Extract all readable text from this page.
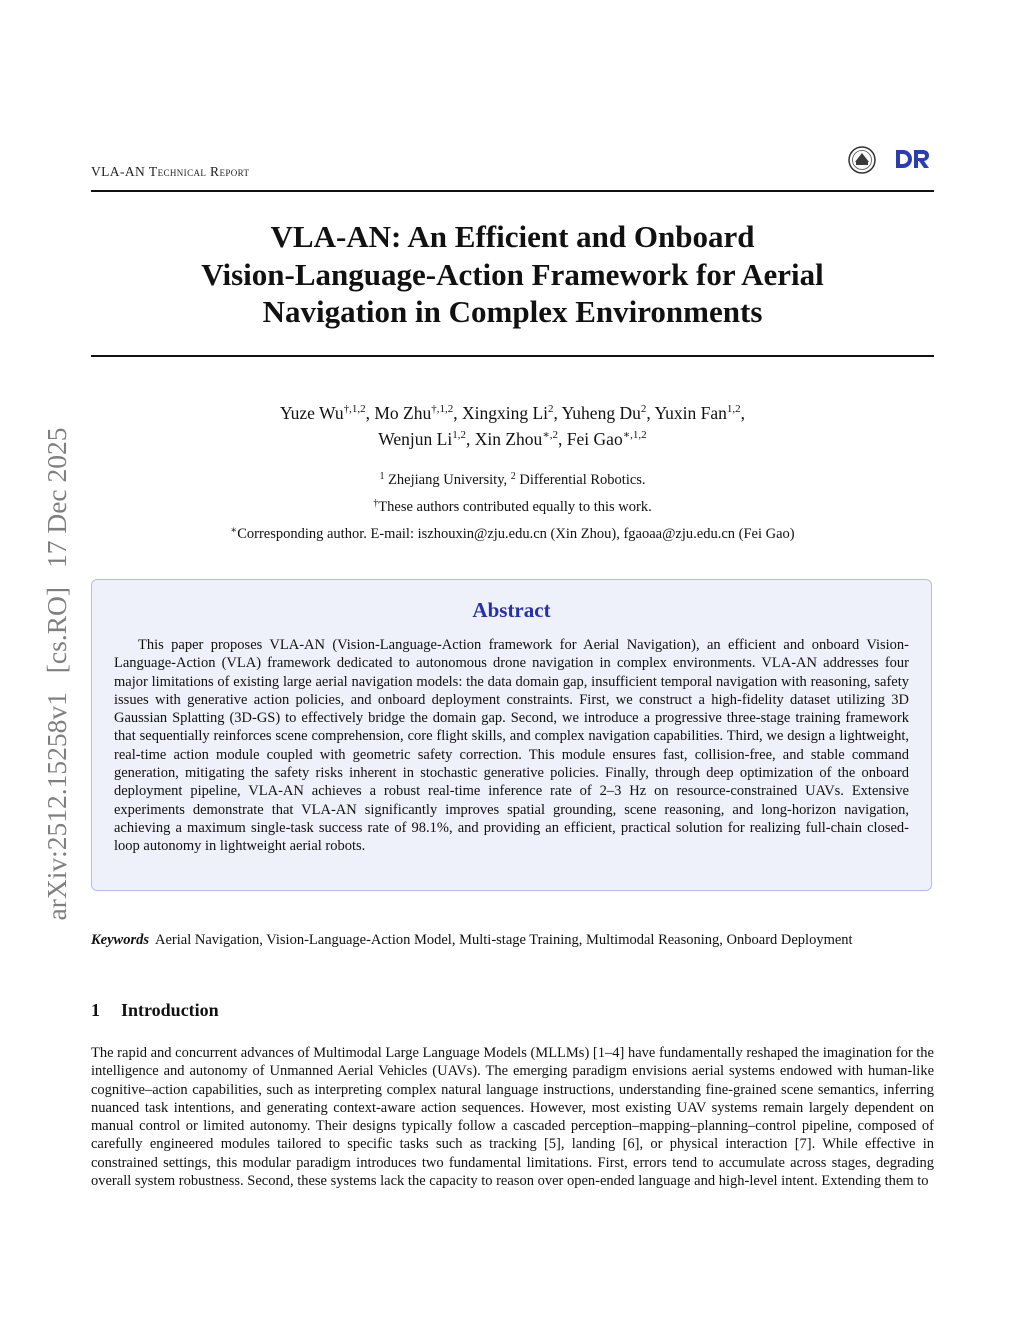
VLA-AN Technical Report
arXiv:2512.15258v1 [cs.RO] 17 Dec 2025
VLA-AN: An Efficient and Onboard
Vision-Language-Action Framework for Aerial
Navigation in Complex Environments
Yuze $Wu^{\dagger,1,2}$, Mo Zhu$^{\dagger,1,2}$, Xingxing Li$^2$, Yuheng Du$^2$, Yuxin Fan$^{1,2}$,
Wenjun Li$^{1,2}$, Xin Zhou$^{∗,2}$, Fei Gao$^{∗,1,2}$
$^1$ Zhejiang University, $^2$ Differential Robotics.
†These authors contributed equally to this work.
∗Corresponding author. E-mail: iszhouxin@zju.edu.cn (Xin Zhou), fgaoaa@zju.edu.cn (Fei Gao)
Abstract
This paper proposes VLA-AN (Vision-Language-Action framework for Aerial Navigation), an efficient and onboard Vision-Language-Action (VLA) framework dedicated to autonomous drone navigation in complex environments. VLA-AN addresses four major limitations of existing large aerial navigation models: the data domain gap, insufficient temporal navigation with reasoning, safety issues with generative action policies, and onboard deployment constraints. First, we construct a high-fidelity dataset utilizing 3D Gaussian Splatting (3D-GS) to effectively bridge the domain gap. Second, we introduce a progressive three-stage training framework that sequentially reinforces scene comprehension, core flight skills, and complex navigation capabilities. Third, we design a lightweight, real-time action module coupled with geometric safety correction. This module ensures fast, collision-free, and stable command generation, mitigating the safety risks inherent in stochastic generative policies. Finally, through deep optimization of the onboard deployment pipeline, VLA-AN achieves a robust real-time inference rate of 2–3 Hz on resource-constrained UAVs. Extensive experiments demonstrate that VLA-AN significantly improves spatial grounding, scene reasoning, and long-horizon navigation, achieving a maximum single-task success rate of 98.1%, and providing an efficient, practical solution for realizing full-chain closed-loop autonomy in lightweight aerial robots.
Keywords Aerial Navigation, Vision-Language-Action Model, Multi-stage Training, Multimodal Reasoning, Onboard Deployment
1 Introduction
The rapid and concurrent advances of Multimodal Large Language Models (MLLMs) [1–4] have fundamentally reshaped the imagination for the intelligence and autonomy of Unmanned Aerial Vehicles (UAVs). The emerging paradigm envisions aerial systems endowed with human-like cognitive–action capabilities, such as interpreting complex natural language instructions, understanding fine-grained scene semantics, inferring nuanced task intentions, and generating context-aware action sequences. However, most existing UAV systems remain largely dependent on manual control or limited autonomy. Their designs typically follow a cascaded perception–mapping–planning–control pipeline, composed of carefully engineered modules tailored to specific tasks such as tracking [5], landing [6], or physical interaction [7]. While effective in constrained settings, this modular paradigm introduces two fundamental limitations. First, errors tend to accumulate across stages, degrading overall system robustness. Second, these systems lack the capacity to reason over open-ended language and high-level intent. Extending them to
